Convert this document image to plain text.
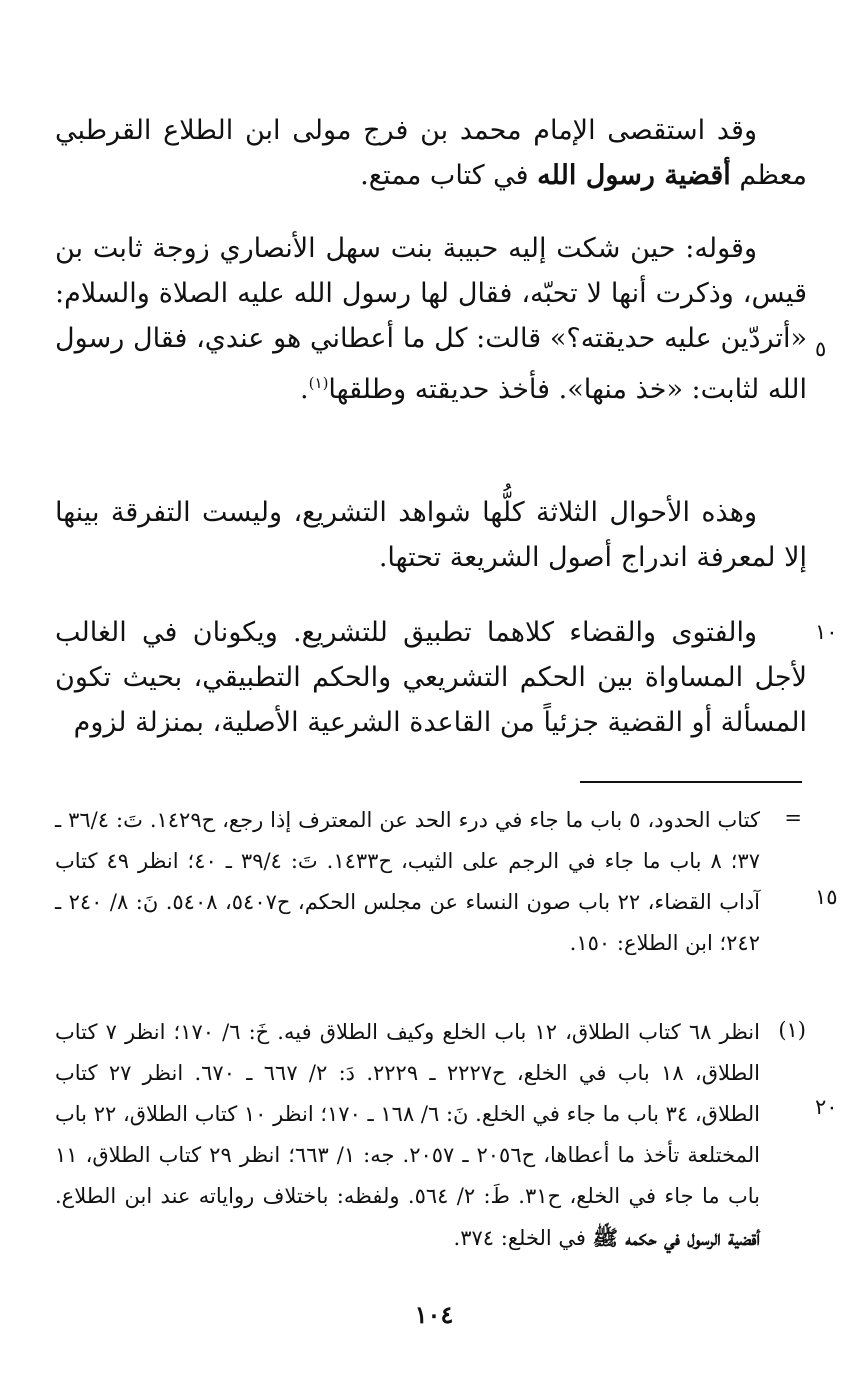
وقد استقصى الإمام محمد بن فرج مولى ابن الطلاع القرطبي معظم أقضية رسول الله في كتاب ممتع.

وقوله: حين شكت إليه حبيبة بنت سهل الأنصاري زوجة ثابت بن قيس، وذكرت أنها لا تحبّه، فقال لها رسول الله عليه الصلاة والسلام: «أتردّين عليه حديقته؟» قالت: كل ما أعطاني هو عندي، فقال رسول الله لثابت: «خذ منها». فأخذ حديقته وطلقها$^{(١)}$.

وهذه الأحوال الثلاثة كلُّها شواهد التشريع، وليست التفرقة بينها إلا لمعرفة اندراج أصول الشريعة تحتها.

والفتوى والقضاء كلاهما تطبيق للتشريع. ويكونان في الغالب لأجل المساواة بين الحكم التشريعي والحكم التطبيقي، بحيث تكون المسألة أو القضية جزئياً من القاعدة الشرعية الأصلية، بمنزلة لزوم

=

كتاب الحدود، ٥ باب ما جاء في درء الحد عن المعترف إذا رجع، ح١٤٢٩. تَ: ٣٦/٤ ـ ٣٧؛ ٨ باب ما جاء في الرجم على الثيب، ح١٤٣٣. تَ: ٣٩/٤ ـ ٤٠؛ انظر ٤٩ كتاب آداب القضاء، ٢٢ باب صون النساء عن مجلس الحكم، ح٥٤٠٧، ٥٤٠٨. نَ: ٨/ ٢٤٠ ـ ٢٤٢؛ ابن الطلاع: ١٥٠.

(١)

انظر ٦٨ كتاب الطلاق، ١٢ باب الخلع وكيف الطلاق فيه. خَ: ٦/ ١٧٠؛ انظر ٧ كتاب الطلاق، ١٨ باب في الخلع، ح٢٢٢٧ ـ ٢٢٢٩. دَ: ٢/ ٦٦٧ ـ ٦٧٠. انظر ٢٧ كتاب الطلاق، ٣٤ باب ما جاء في الخلع. نَ: ٦/ ١٦٨ ـ ١٧٠؛ انظر ١٠ كتاب الطلاق، ٢٢ باب المختلعة تأخذ ما أعطاها، ح٢٠٥٦ ـ ٢٠٥٧. جه: ١/ ٦٦٣؛ انظر ٢٩ كتاب الطلاق، ١١ باب ما جاء في الخلع، ح٣١. طَ: ٢/ ٥٦٤. ولفظه: باختلاف رواياته عند ابن الطلاع. أقضية الرسول في حكمه ﷺ في الخلع: ٣٧٤.

٥
١٠
١٥
٢٠
١٠٤
